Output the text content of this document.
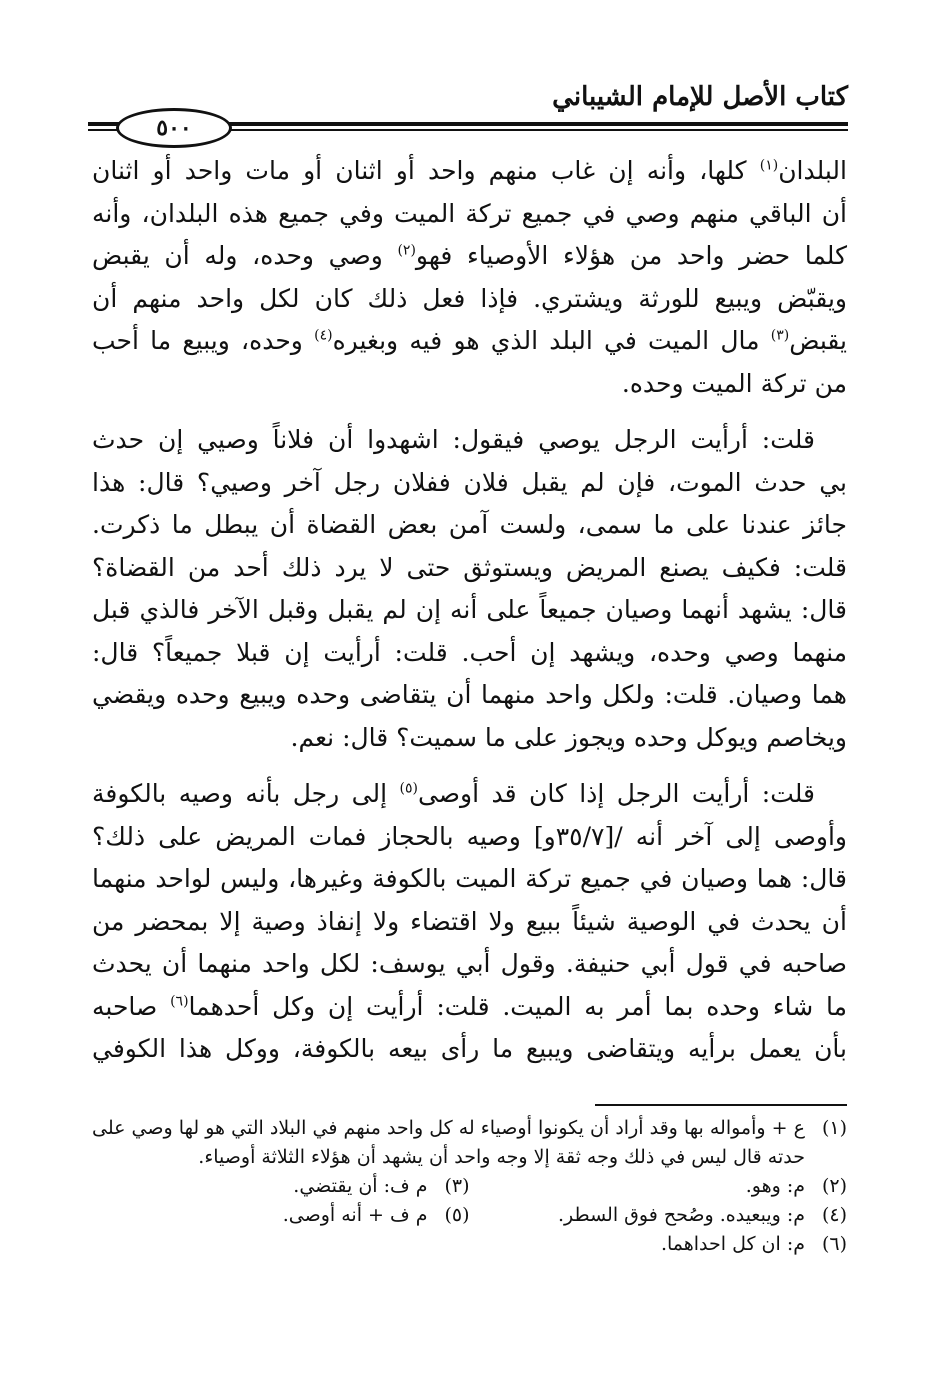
كتاب الأصل للإمام الشيباني
٥٠٠
البلدان$^{(١)}$ كلها، وأنه إن غاب منهم واحد أو اثنان أو مات واحد أو اثنان
أن الباقي منهم وصي في جميع تركة الميت وفي جميع هذه البلدان، وأنه
كلما حضر واحد من هؤلاء الأوصياء فهو$^{(٢)}$ وصي وحده، وله أن يقبض
ويقبّض ويبيع للورثة ويشتري. فإذا فعل ذلك كان لكل واحد منهم أن
يقبض$^{(٣)}$ مال الميت في البلد الذي هو فيه وبغيره$^{(٤)}$ وحده، ويبيع ما أحب
من تركة الميت وحده.
قلت: أرأيت الرجل يوصي فيقول: اشهدوا أن فلاناً وصيي إن حدث
بي حدث الموت، فإن لم يقبل فلان ففلان رجل آخر وصيي؟ قال: هذا
جائز عندنا على ما سمى، ولست آمن بعض القضاة أن يبطل ما ذكرت.
قلت: فكيف يصنع المريض ويستوثق حتى لا يرد ذلك أحد من القضاة؟
قال: يشهد أنهما وصيان جميعاً على أنه إن لم يقبل وقبل الآخر فالذي قبل
منهما وصي وحده، ويشهد إن أحب. قلت: أرأيت إن قبلا جميعاً؟ قال:
هما وصيان. قلت: ولكل واحد منهما أن يتقاضى وحده ويبيع وحده ويقضي
ويخاصم ويوكل وحده ويجوز على ما سميت؟ قال: نعم.
قلت: أرأيت الرجل إذا كان قد أوصى$^{(٥)}$ إلى رجل بأنه وصيه بالكوفة
وأوصى إلى آخر أنه /[٣٥/٧و] وصيه بالحجاز فمات المريض على ذلك؟
قال: هما وصيان في جميع تركة الميت بالكوفة وغيرها، وليس لواحد منهما
أن يحدث في الوصية شيئاً ببيع ولا اقتضاء ولا إنفاذ وصية إلا بمحضر من
صاحبه في قول أبي حنيفة. وقول أبي يوسف: لكل واحد منهما أن يحدث
ما شاء وحده بما أمر به الميت. قلت: أرأيت إن وكل أحدهما$^{(٦)}$ صاحبه
بأن يعمل برأيه ويتقاضى ويبيع ما رأى بيعه بالكوفة، ووكل هذا الكوفي
(١)
ع + وأمواله بها وقد أراد أن يكونوا أوصياء له كل واحد منهم في البلاد التي هو لها وصي على حدته قال ليس في ذلك وجه ثقة إلا وجه واحد أن يشهد أن هؤلاء الثلاثة أوصياء.
(٢)
م: وهو.
(٤)
م: ويبعيده. وصُحح فوق السطر.
(٦)
م: ان كل احداهما.
(٣)
م ف: أن يقتضي.
(٥)
م ف + أنه أوصى.
